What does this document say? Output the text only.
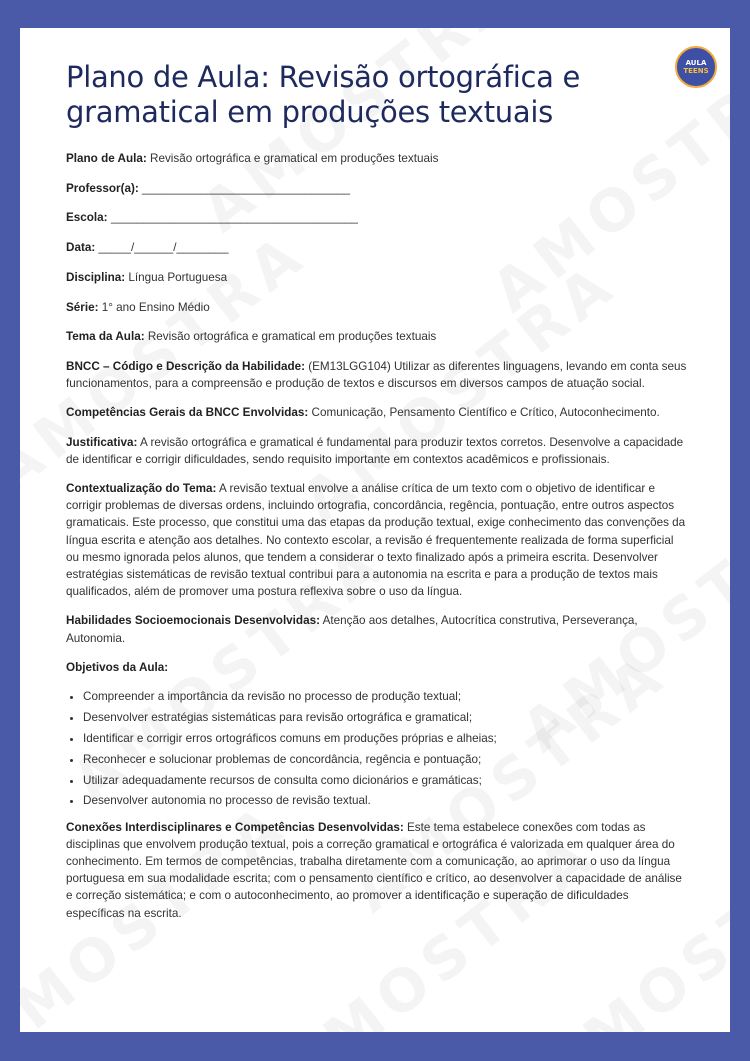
AULA
TEENS
Plano de Aula: Revisão ortográfica e gramatical em produções textuais

Plano de Aula: Revisão ortográfica e gramatical em produções textuais

Professor(a): ________________________________

Escola: ______________________________________

Data: _____/______/________

Disciplina: Língua Portuguesa

Série: 1° ano Ensino Médio

Tema da Aula: Revisão ortográfica e gramatical em produções textuais

BNCC – Código e Descrição da Habilidade: (EM13LGG104) Utilizar as diferentes linguagens, levando em conta seus funcionamentos, para a compreensão e produção de textos e discursos em diversos campos de atuação social.

Competências Gerais da BNCC Envolvidas: Comunicação, Pensamento Científico e Crítico, Autoconhecimento.

Justificativa: A revisão ortográfica e gramatical é fundamental para produzir textos corretos. Desenvolve a capacidade de identificar e corrigir dificuldades, sendo requisito importante em contextos acadêmicos e profissionais.

Contextualização do Tema: A revisão textual envolve a análise crítica de um texto com o objetivo de identificar e corrigir problemas de diversas ordens, incluindo ortografia, concordância, regência, pontuação, entre outros aspectos gramaticais. Este processo, que constitui uma das etapas da produção textual, exige conhecimento das convenções da língua escrita e atenção aos detalhes. No contexto escolar, a revisão é frequentemente realizada de forma superficial ou mesmo ignorada pelos alunos, que tendem a considerar o texto finalizado após a primeira escrita. Desenvolver estratégias sistemáticas de revisão textual contribui para a autonomia na escrita e para a produção de textos mais qualificados, além de promover uma postura reflexiva sobre o uso da língua.

Habilidades Socioemocionais Desenvolvidas: Atenção aos detalhes, Autocrítica construtiva, Perseverança, Autonomia.

Objetivos da Aula:

• Compreender a importância da revisão no processo de produção textual;
• Desenvolver estratégias sistemáticas para revisão ortográfica e gramatical;
• Identificar e corrigir erros ortográficos comuns em produções próprias e alheias;
• Reconhecer e solucionar problemas de concordância, regência e pontuação;
• Utilizar adequadamente recursos de consulta como dicionários e gramáticas;
• Desenvolver autonomia no processo de revisão textual.

Conexões Interdisciplinares e Competências Desenvolvidas: Este tema estabelece conexões com todas as disciplinas que envolvem produção textual, pois a correção gramatical e ortográfica é valorizada em qualquer área do conhecimento. Em termos de competências, trabalha diretamente com a comunicação, ao aprimorar o uso da língua portuguesa em sua modalidade escrita; com o pensamento científico e crítico, ao desenvolver a capacidade de análise e correção sistemática; e com o autoconhecimento, ao promover a identificação e superação de dificuldades específicas na escrita.
